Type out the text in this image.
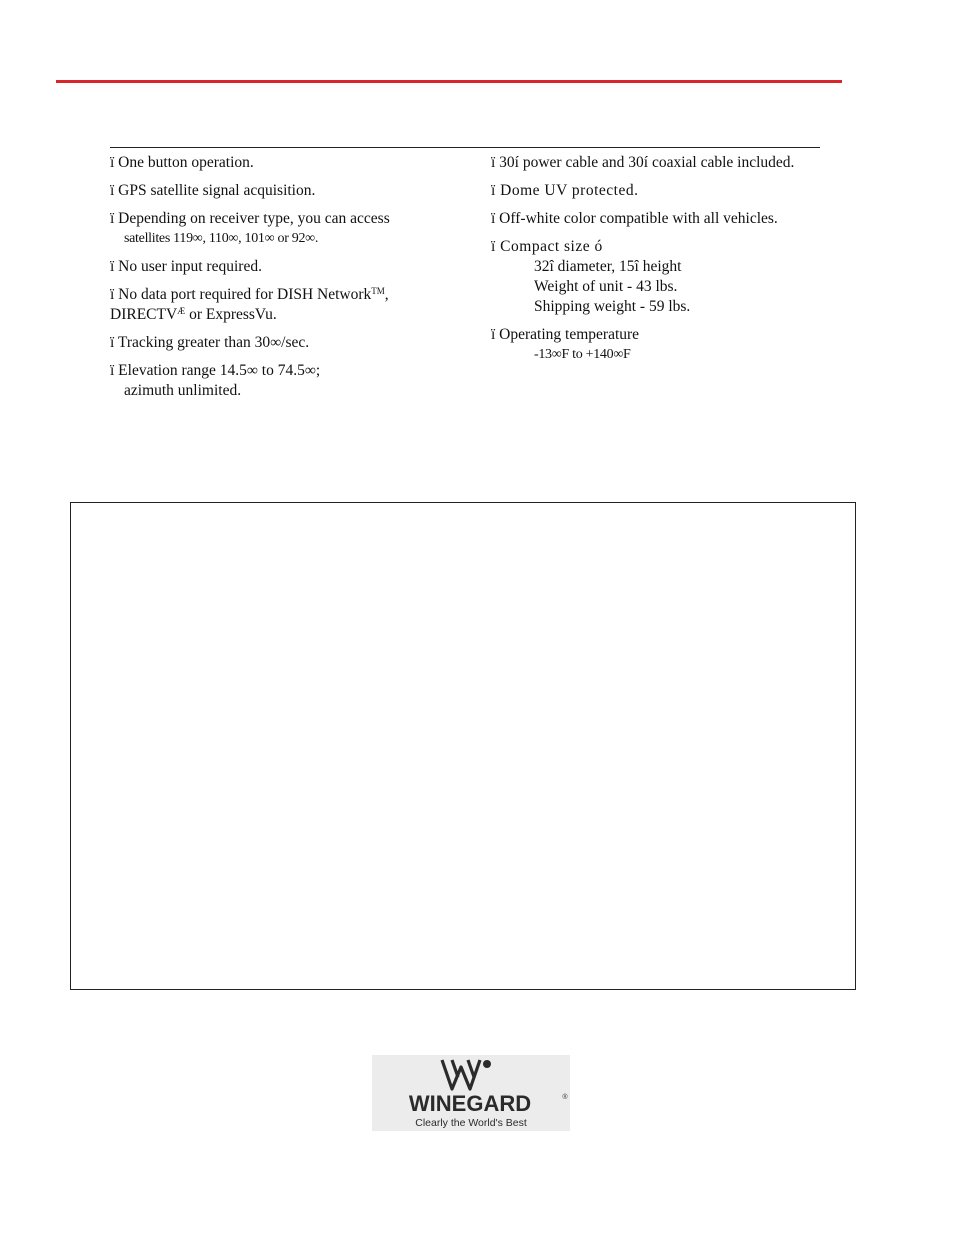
ï One button operation.
ï GPS satellite signal acquisition.
ï Depending on receiver type, you can access
satellites 119∞, 110∞, 101∞ or 92∞.
ï No user input required.
ï No data port required for DISH Network™,
$DIRECTV^Æ$ or ExpressVu.
ï Tracking greater than 30∞/sec.
ï Elevation range 14.5∞ to 74.5∞;
azimuth unlimited.
ï 30í power cable and 30í coaxial cable included.
ï Dome UV protected.
ï Off-white color compatible with all vehicles.
ï Compact size ó
32î diameter, 15î height
Weight of unit - 43 lbs.
Shipping weight - 59 lbs.
ï Operating temperature
-13∞F to +140∞F
WINEGARD	®
Clearly the World's Best
